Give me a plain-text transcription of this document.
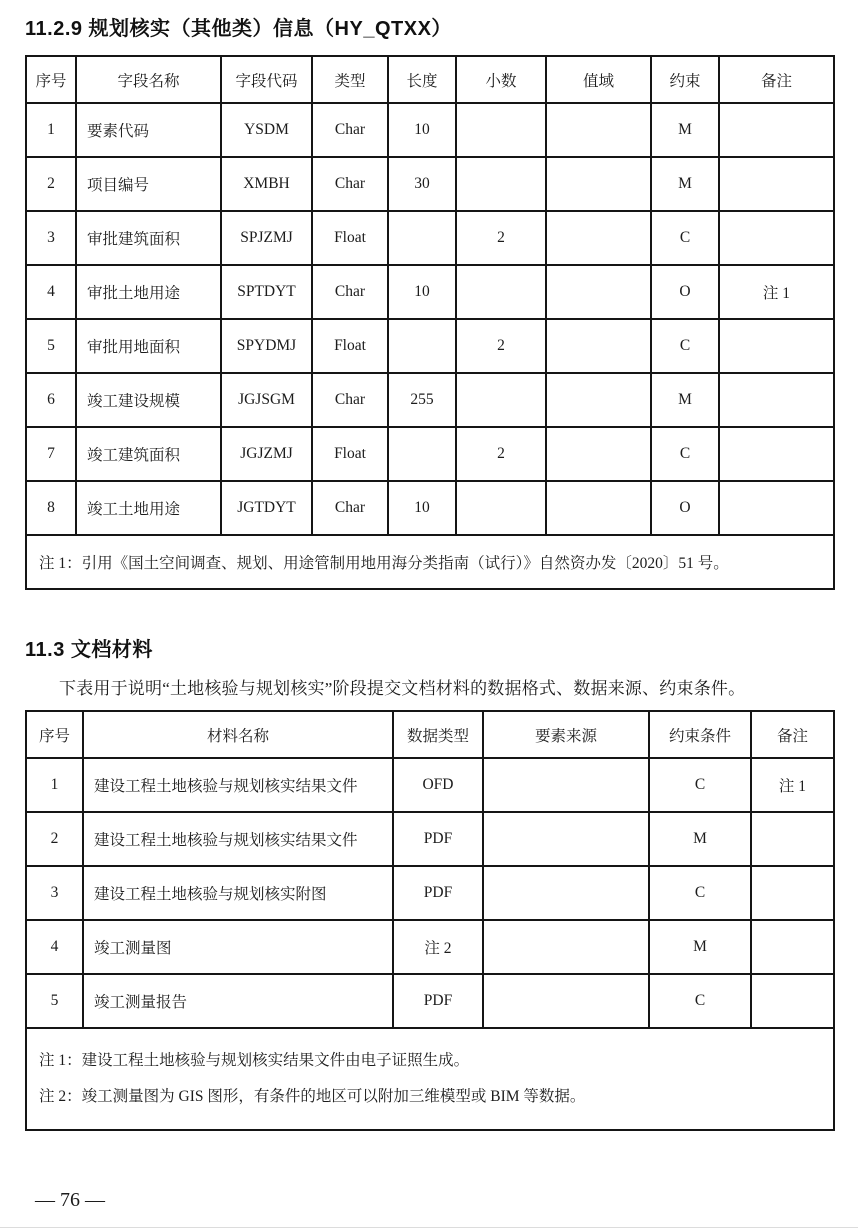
11.2.9 规划核实（其他类）信息（HY_QTXX）
序号	字段名称	字段代码	类型	长度	小数	值域	约束	备注
1	要素代码	YSDM	Char	10			M	
2	项目编号	XMBH	Char	30			M	
3	审批建筑面积	SPJZMJ	Float		2		C	
4	审批土地用途	SPTDYT	Char	10			O	注 1
5	审批用地面积	SPYDMJ	Float		2		C	
6	竣工建设规模	JGJSGM	Char	255			M	
7	竣工建筑面积	JGJZMJ	Float		2		C	
8	竣工土地用途	JGTDYT	Char	10			O	
注 1：引用《国土空间调查、规划、用途管制用地用海分类指南（试行）》自然资办发〔2020〕51 号。								
11.3 文档材料

下表用于说明“土地核验与规划核实”阶段提交文档材料的数据格式、数据来源、约束条件。

序号	材料名称	数据类型	要素来源	约束条件	备注
1	建设工程土地核验与规划核实结果文件	OFD		C	注 1
2	建设工程土地核验与规划核实结果文件	PDF		M	
3	建设工程土地核验与规划核实附图	PDF		C	
4	竣工测量图	注 2		M	
5	竣工测量报告	PDF		C	

注 1：建设工程土地核验与规划核实结果文件由电子证照生成。
注 2：竣工测量图为 GIS 图形，有条件的地区可以附加三维模型或 BIM 等数据。					
— 76 —
